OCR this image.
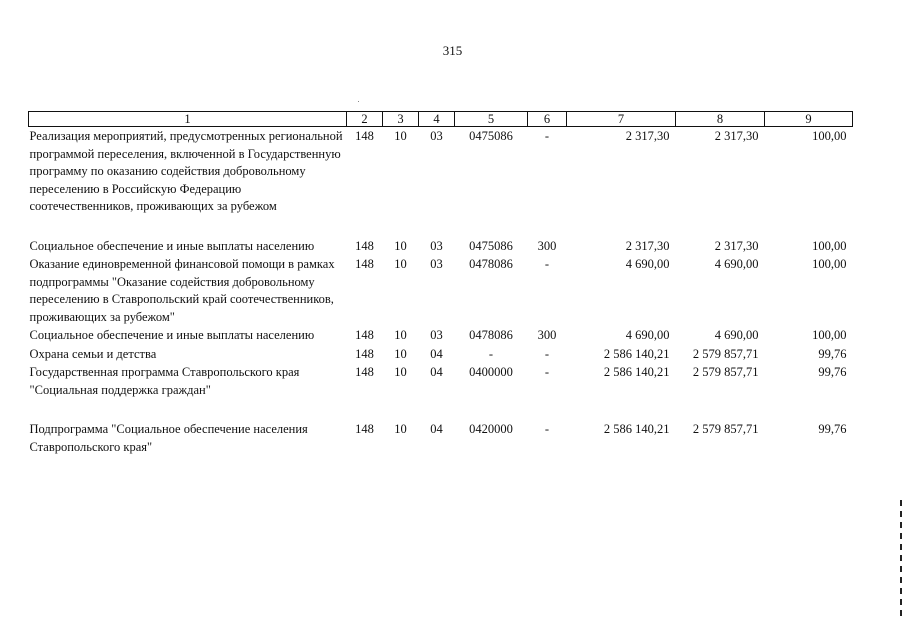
315
1	2	3	4	5	6	7	8	9
Реализация мероприятий, предусмотренных региональной программой переселения, включенной в Государственную программу по оказанию содействия добровольному переселению в Российскую Федерацию соотечественников, проживающих за рубежом	148	10	03	0475086	-	2 317,30	2 317,30	100,00

Социальное обеспечение и иные выплаты населению	148	10	03	0475086	300	2 317,30	2 317,30	100,00
Оказание единовременной финансовой помощи в рамках подпрограммы "Оказание содействия добровольному переселению в Ставропольский край соотечественников, проживающих за рубежом"	148	10	03	0478086	-	4 690,00	4 690,00	100,00
Социальное обеспечение и иные выплаты населению	148	10	03	0478086	300	4 690,00	4 690,00	100,00
Охрана семьи и детства	148	10	04	-	-	2 586 140,21	2 579 857,71	99,76
Государственная программа Ставропольского края "Социальная поддержка граждан"	148	10	04	0400000	-	2 586 140,21	2 579 857,71	99,76

Подпрограмма "Социальное обеспечение населения Ставропольского края"	148	10	04	0420000	-	2 586 140,21	2 579 857,71	99,76
